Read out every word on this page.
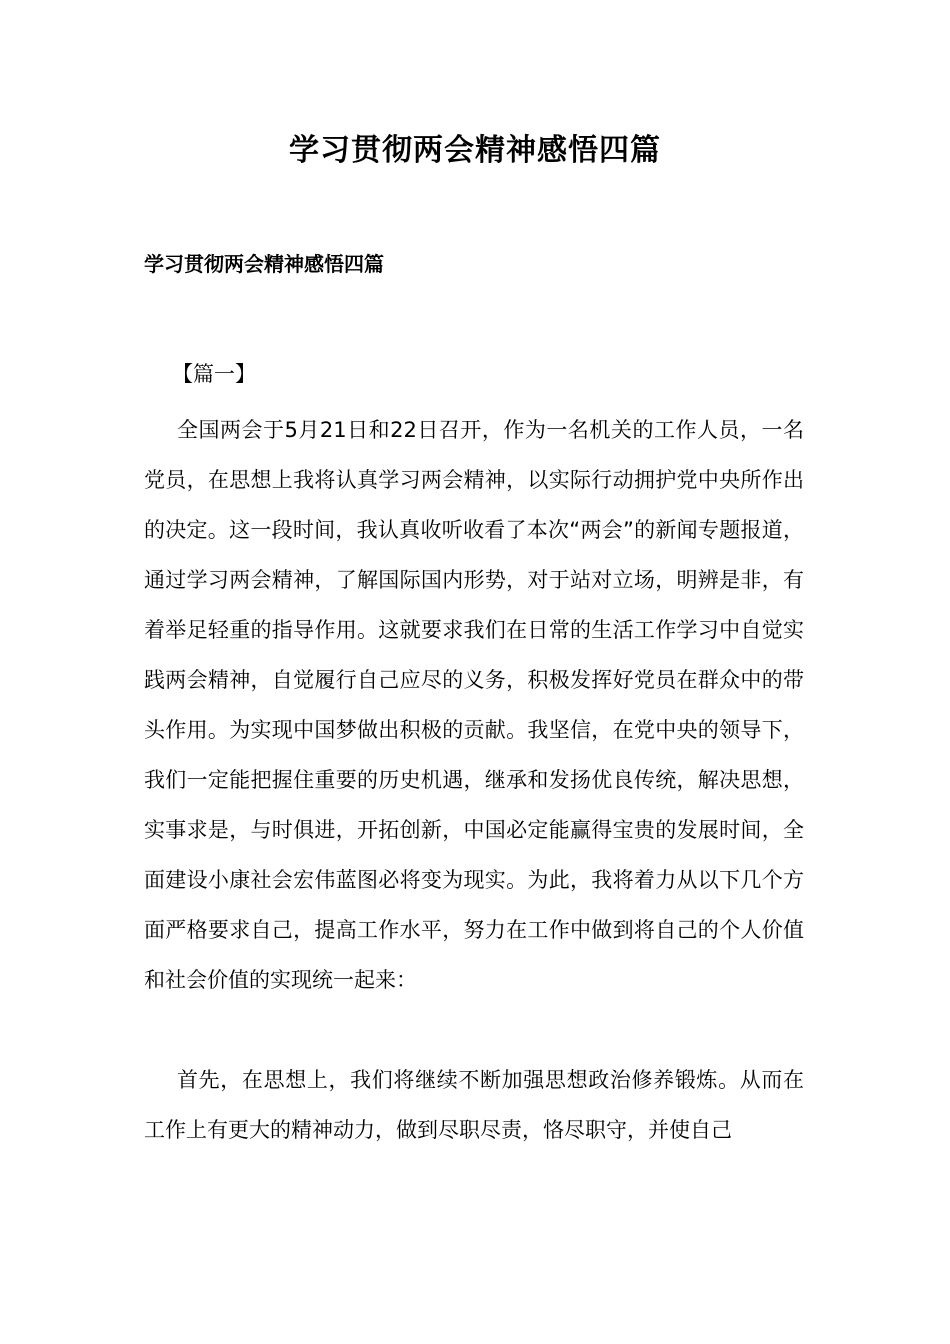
学习贯彻两会精神感悟四篇
学习贯彻两会精神感悟四篇
【篇一】

全国两会于5月21日和22日召开，作为一名机关的工作人员，一名党员，在思想上我将认真学习两会精神，以实际行动拥护党中央所作出的决定。这一段时间，我认真收听收看了本次“两会”的新闻专题报道，通过学习两会精神，了解国际国内形势，对于站对立场，明辨是非，有着举足轻重的指导作用。这就要求我们在日常的生活工作学习中自觉实践两会精神，自觉履行自己应尽的义务，积极发挥好党员在群众中的带头作用。为实现中国梦做出积极的贡献。我坚信，在党中央的领导下，我们一定能把握住重要的历史机遇，继承和发扬优良传统，解决思想，实事求是，与时俱进，开拓创新，中国必定能赢得宝贵的发展时间，全面建设小康社会宏伟蓝图必将变为现实。为此，我将着力从以下几个方面严格要求自己，提高工作水平，努力在工作中做到将自己的个人价值和社会价值的实现统一起来：

首先，在思想上，我们将继续不断加强思想政治修养锻炼。从而在工作上有更大的精神动力，做到尽职尽责，恪尽职守，并使自己
